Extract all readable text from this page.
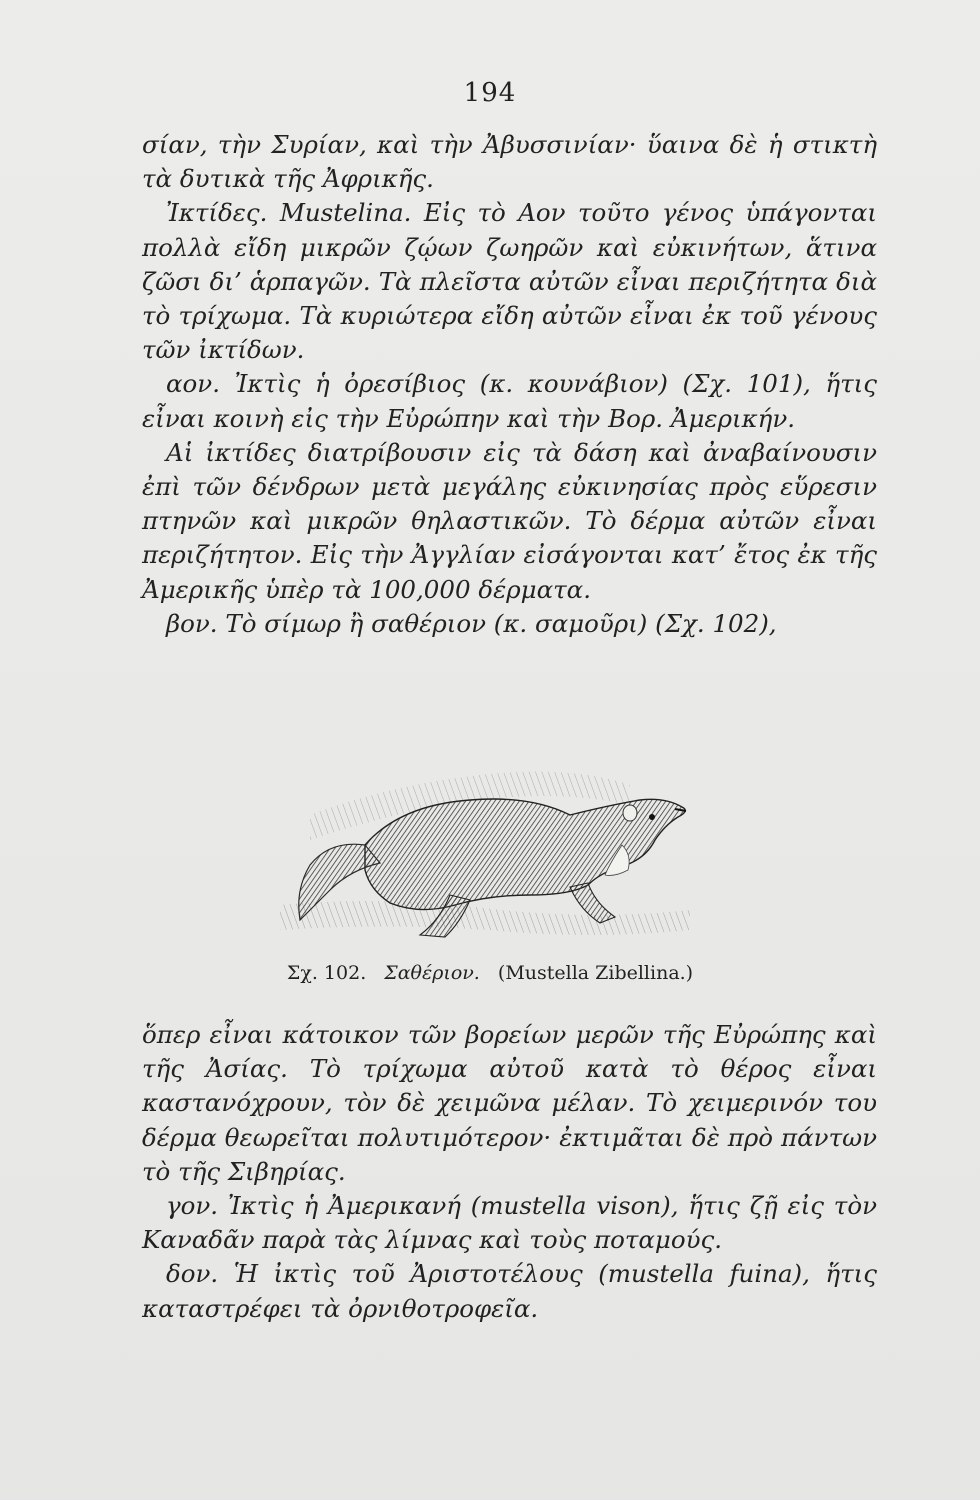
194

σίαν, τὴν Συρίαν, καὶ τὴν Ἀβυσσινίαν· ὕαινα δὲ ἡ στικτὴ τὰ δυτικὰ τῆς Ἀφρικῆς.

Ἰκτίδες. Mustelina. Εἰς τὸ Αον τοῦτο γένος ὑπάγονται πολλὰ εἴδη μικρῶν ζῴων ζωηρῶν καὶ εὐκινήτων, ἅτινα ζῶσι δι’ ἁρπαγῶν. Τὰ πλεῖστα αὐτῶν εἶναι περιζήτητα διὰ τὸ τρίχωμα. Τὰ κυριώτερα εἴδη αὐτῶν εἶναι ἐκ τοῦ γένους τῶν ἰκτίδων.

αον. Ἰκτὶς ἡ ὀρεσίβιος (κ. κουνάβιον) (Σχ. 101), ἥτις εἶναι κοινὴ εἰς τὴν Εὐρώπην καὶ τὴν Βορ. Ἀμερικήν.

Αἱ ἰκτίδες διατρίβουσιν εἰς τὰ δάση καὶ ἀναβαίνουσιν ἐπὶ τῶν δένδρων μετὰ μεγάλης εὐκινησίας πρὸς εὕρεσιν πτηνῶν καὶ μικρῶν θηλαστικῶν. Τὸ δέρμα αὐτῶν εἶναι περιζήτητον. Εἰς τὴν Ἀγγλίαν εἰσάγονται κατ’ ἔτος ἐκ τῆς Ἀμερικῆς ὑπὲρ τὰ 100,000 δέρματα.

βον. Τὸ σίμωρ ἢ σαθέριον (κ. σαμοῦρι) (Σχ. 102),

Σχ. 102. Σαθέριον. (Mustella Zibellina.)

ὅπερ εἶναι κάτοικον τῶν βορείων μερῶν τῆς Εὐρώπης καὶ τῆς Ἀσίας. Τὸ τρίχωμα αὐτοῦ κατὰ τὸ θέρος εἶναι καστανόχρουν, τὸν δὲ χειμῶνα μέλαν. Τὸ χειμερινόν του δέρμα θεωρεῖται πολυτιμότερον· ἐκτιμᾶται δὲ πρὸ πάντων τὸ τῆς Σιβηρίας.

γον. Ἰκτὶς ἡ Ἀμερικανή (mustella vison), ἥτις ζῇ εἰς τὸν Καναδᾶν παρὰ τὰς λίμνας καὶ τοὺς ποταμούς.

δον. Ἡ ἰκτὶς τοῦ Ἀριστοτέλους (mustella fuina), ἥτις καταστρέφει τὰ ὀρνιθοτροφεῖα.
